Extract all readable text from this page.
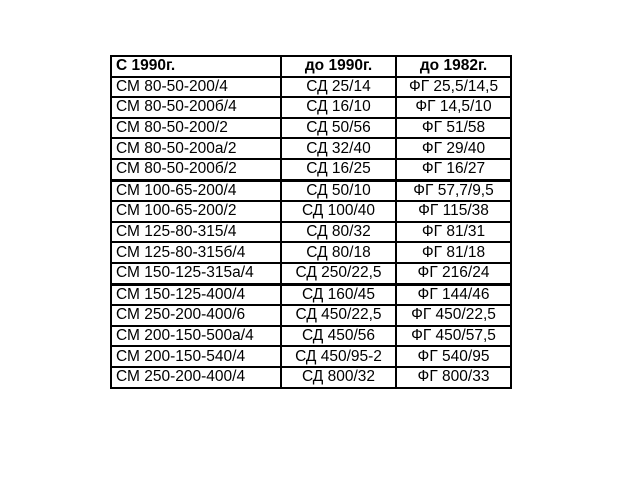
С 1990г.	до 1990г.	до 1982г.
СМ 80-50-200/4	СД 25/14	ФГ 25,5/14,5
СМ 80-50-200б/4	СД 16/10	ФГ 14,5/10
СМ 80-50-200/2	СД 50/56	ФГ 51/58
СМ 80-50-200а/2	СД 32/40	ФГ 29/40
СМ 80-50-200б/2	СД 16/25	ФГ 16/27
СМ 100-65-200/4	СД 50/10	ФГ 57,7/9,5
СМ 100-65-200/2	СД 100/40	ФГ 115/38
СМ 125-80-315/4	СД 80/32	ФГ 81/31
СМ 125-80-315б/4	СД 80/18	ФГ 81/18
СМ 150-125-315а/4	СД 250/22,5	ФГ 216/24
СМ 150-125-400/4	СД 160/45	ФГ 144/46
СМ 250-200-400/6	СД 450/22,5	ФГ 450/22,5
СМ 200-150-500а/4	СД 450/56	ФГ 450/57,5
СМ 200-150-540/4	СД 450/95-2	ФГ 540/95
СМ 250-200-400/4	СД 800/32	ФГ 800/33
